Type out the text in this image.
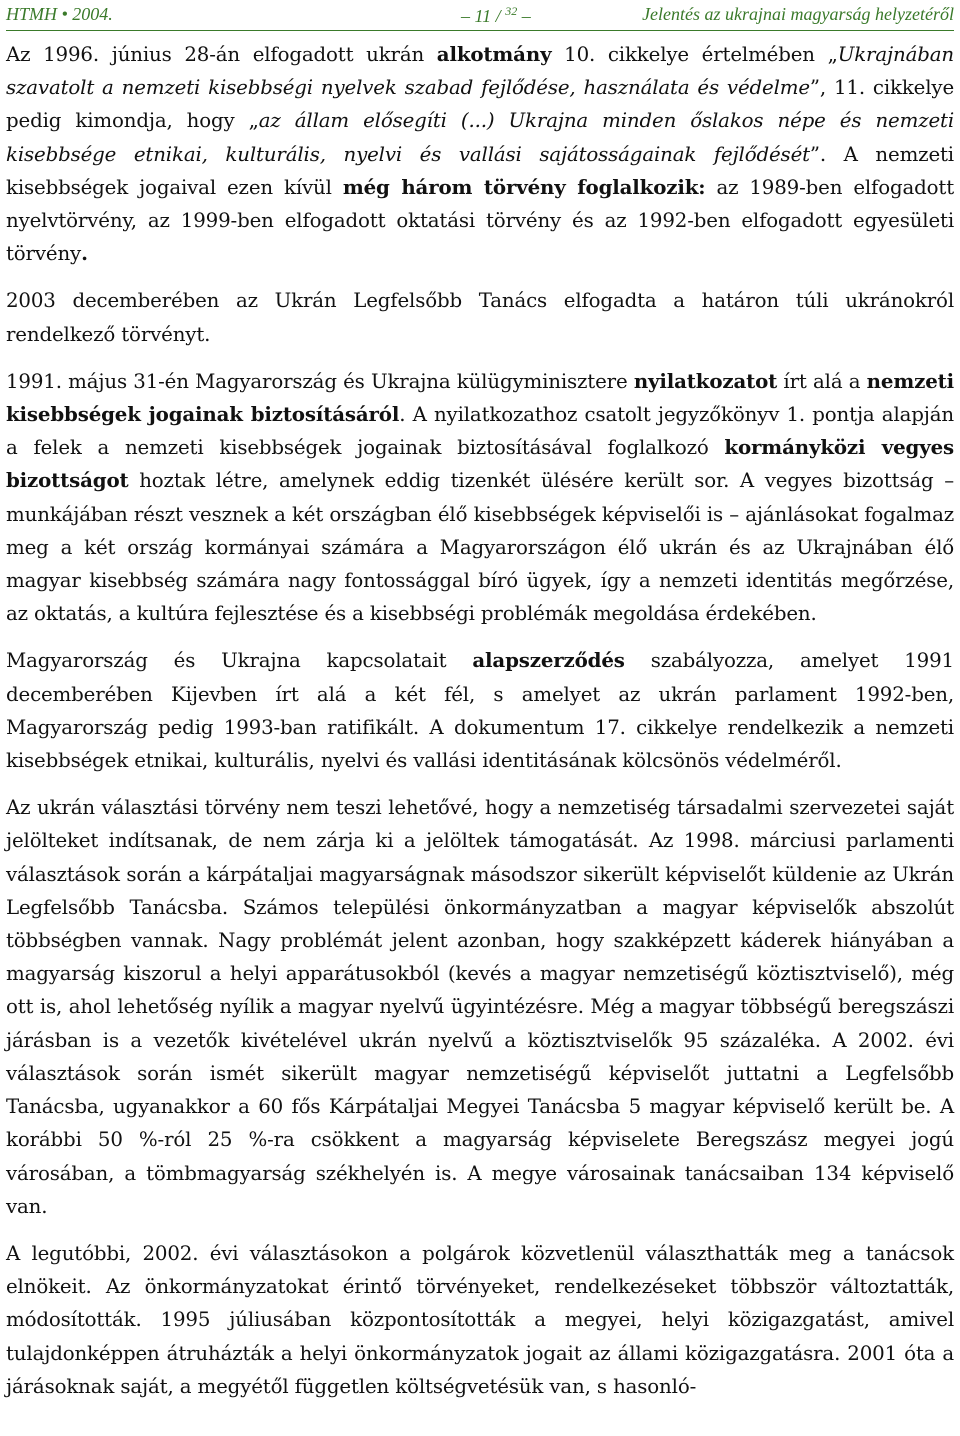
HTMH • 2004.	– 11 / $^{32}$ –	Jelentés az ukrajnai magyarság helyzetéről

Az 1996. június 28-án elfogadott ukrán alkotmány 10. cikkelye értelmében „Ukrajnában szavatolt a nemzeti kisebbségi nyelvek szabad fejlődése, használata és védelme”, 11. cikkelye pedig kimondja, hogy „az állam elősegíti (...) Ukrajna minden őslakos népe és nemzeti kisebbsége etnikai, kulturális, nyelvi és vallási sajátosságainak fejlődését”. A nemzeti kisebbségek jogaival ezen kívül még három törvény foglalkozik: az 1989-ben elfogadott nyelvtörvény, az 1999-ben elfogadott oktatási törvény és az 1992-ben elfogadott egyesületi törvény.

2003 decemberében az Ukrán Legfelsőbb Tanács elfogadta a határon túli ukránokról rendelkező törvényt.

1991. május 31-én Magyarország és Ukrajna külügyminisztere nyilatkozatot írt alá a nemzeti kisebbségek jogainak biztosításáról. A nyilatkozathoz csatolt jegyzőkönyv 1. pontja alapján a felek a nemzeti kisebbségek jogainak biztosításával foglalkozó kormányközi vegyes bizottságot hoztak létre, amelynek eddig tizenkét ülésére került sor. A vegyes bizottság – munkájában részt vesznek a két országban élő kisebbségek képviselői is – ajánlásokat fogalmaz meg a két ország kormányai számára a Magyarországon élő ukrán és az Ukrajnában élő magyar kisebbség számára nagy fontossággal bíró ügyek, így a nemzeti identitás megőrzése, az oktatás, a kultúra fejlesztése és a kisebbségi problémák megoldása érdekében.

Magyarország és Ukrajna kapcsolatait alapszerződés szabályozza, amelyet 1991 decemberében Kijevben írt alá a két fél, s amelyet az ukrán parlament 1992-ben, Magyarország pedig 1993-ban ratifikált. A dokumentum 17. cikkelye rendelkezik a nemzeti kisebbségek etnikai, kulturális, nyelvi és vallási identitásának kölcsönös védelméről.

Az ukrán választási törvény nem teszi lehetővé, hogy a nemzetiség társadalmi szervezetei saját jelölteket indítsanak, de nem zárja ki a jelöltek támogatását. Az 1998. márciusi parlamenti választások során a kárpátaljai magyarságnak másodszor sikerült képviselőt küldenie az Ukrán Legfelsőbb Tanácsba. Számos települési önkormányzatban a magyar képviselők abszolút többségben vannak. Nagy problémát jelent azonban, hogy szakképzett káderek hiányában a magyarság kiszorul a helyi apparátusokból (kevés a magyar nemzetiségű köztisztviselő), még ott is, ahol lehetőség nyílik a magyar nyelvű ügyintézésre. Még a magyar többségű beregszászi járásban is a vezetők kivételével ukrán nyelvű a köztisztviselők 95 százaléka. A 2002. évi választások során ismét sikerült magyar nemzetiségű képviselőt juttatni a Legfelsőbb Tanácsba, ugyanakkor a 60 fős Kárpátaljai Megyei Tanácsba 5 magyar képviselő került be. A korábbi 50 %-ról 25 %-ra csökkent a magyarság képviselete Beregszász megyei jogú városában, a tömbmagyarság székhelyén is. A megye városainak tanácsaiban 134 képviselő van.

A legutóbbi, 2002. évi választásokon a polgárok közvetlenül választhatták meg a tanácsok elnökeit. Az önkormányzatokat érintő törvényeket, rendelkezéseket többször változtatták, módosították. 1995 júliusában központosították a megyei, helyi közigazgatást, amivel tulajdonképpen átruházták a helyi önkormányzatok jogait az állami közigazgatásra. 2001 óta a járásoknak saját, a megyétől független költségvetésük van, s hasonló-
